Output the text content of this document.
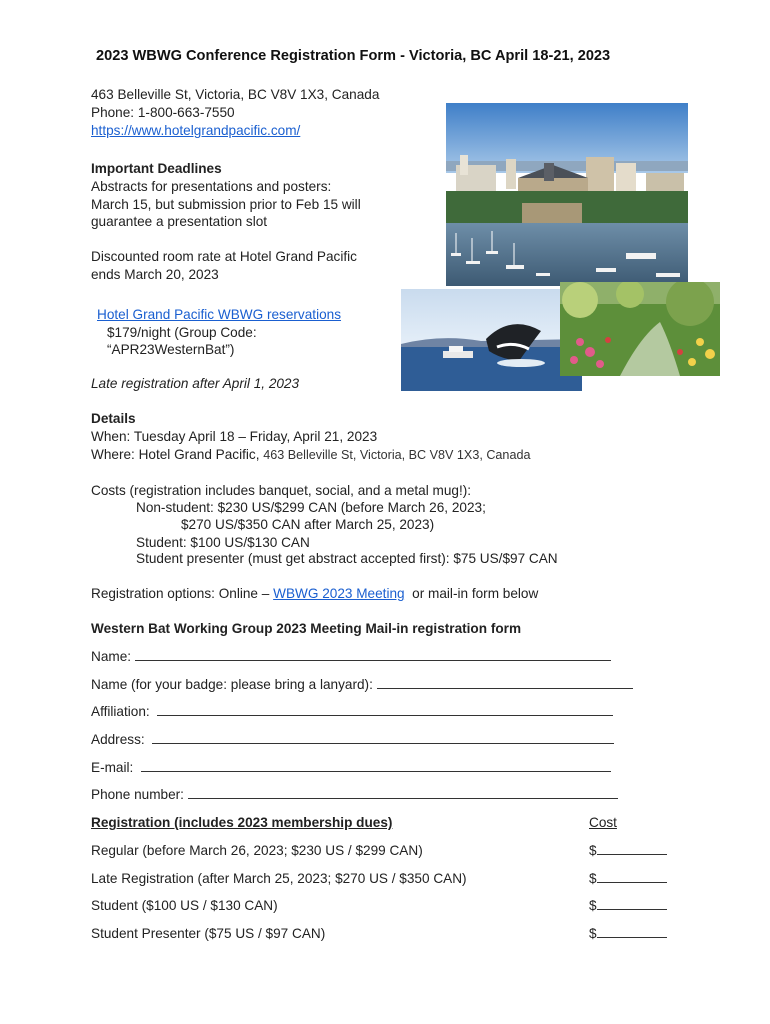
2023 WBWG Conference Registration Form - Victoria, BC April 18-21, 2023
463 Belleville St, Victoria, BC V8V 1X3, Canada
Phone: 1-800-663-7550
https://www.hotelgrandpacific.com/
Important Deadlines
Abstracts for presentations and posters:
March 15, but submission prior to Feb 15 will
guarantee a presentation slot
Discounted room rate at Hotel Grand Pacific
ends March 20, 2023
Hotel Grand Pacific WBWG reservations
$179/night (Group Code:
“APR23WesternBat”)
Late registration after April 1, 2023
Details
When: Tuesday April 18 – Friday, April 21, 2023
Where: Hotel Grand Pacific, 463 Belleville St, Victoria, BC V8V 1X3, Canada
Costs (registration includes banquet, social, and a metal mug!):
Non-student: $230 US/$299 CAN (before March 26, 2023;
$270 US/$350 CAN after March 25, 2023)
Student: $100 US/$130 CAN
Student presenter (must get abstract accepted first): $75 US/$97 CAN
Registration options: Online – WBWG 2023 Meeting or mail-in form below
Western Bat Working Group 2023 Meeting Mail-in registration form
Name:
Name (for your badge: please bring a lanyard):
Affiliation:
Address:
E-mail:
Phone number:
Registration (includes 2023 membership dues)	Cost
Regular (before March 26, 2023; $230 US / $299 CAN)	$
Late Registration (after March 25, 2023; $270 US / $350 CAN)	$
Student ($100 US / $130 CAN)	$
Student Presenter ($75 US / $97 CAN)	$
